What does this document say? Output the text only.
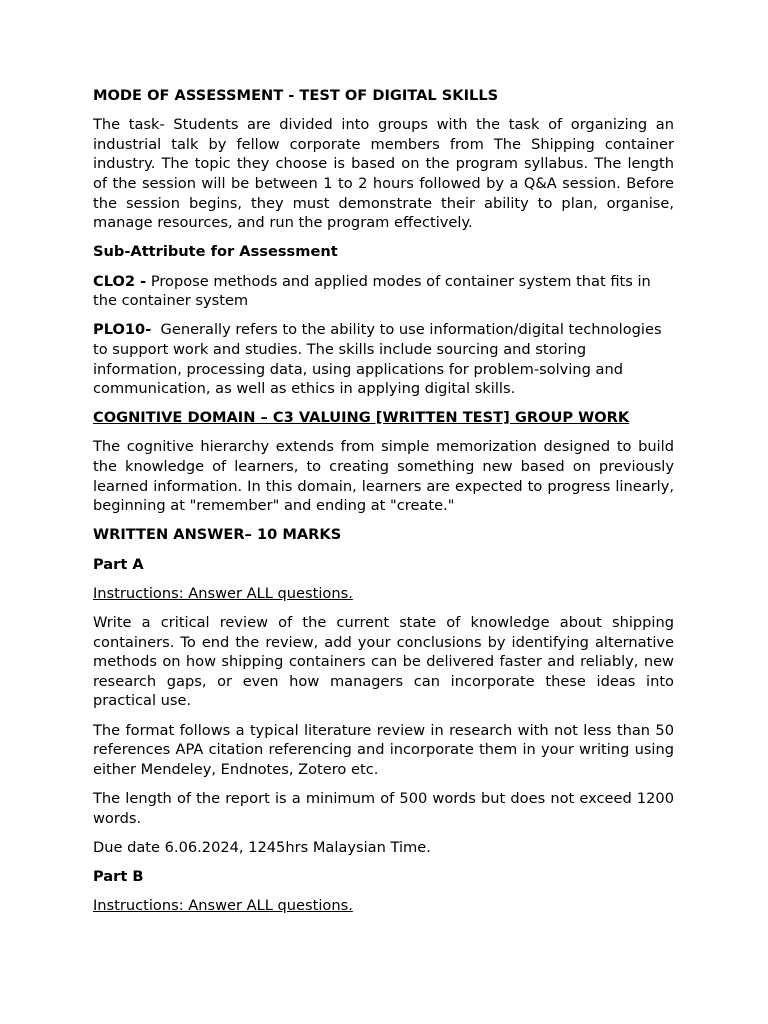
MODE OF ASSESSMENT - TEST OF DIGITAL SKILLS

The task- Students are divided into groups with the task of organizing an industrial talk by fellow corporate members from The Shipping container industry. The topic they choose is based on the program syllabus. The length of the session will be between 1 to 2 hours followed by a Q&A session. Before the session begins, they must demonstrate their ability to plan, organise, manage resources, and run the program effectively.

Sub-Attribute for Assessment

CLO2 - Propose methods and applied modes of container system that fits in the container system

PLO10-  Generally refers to the ability to use information/digital technologies to support work and studies. The skills include sourcing and storing information, processing data, using applications for problem-solving and communication, as well as ethics in applying digital skills.

COGNITIVE DOMAIN – C3 VALUING [WRITTEN TEST] GROUP WORK

The cognitive hierarchy extends from simple memorization designed to build the knowledge of learners, to creating something new based on previously learned information. In this domain, learners are expected to progress linearly, beginning at "remember" and ending at "create."

WRITTEN ANSWER– 10 MARKS

Part A

Instructions: Answer ALL questions.

Write a critical review of the current state of knowledge about shipping containers. To end the review, add your conclusions by identifying alternative methods on how shipping containers can be delivered faster and reliably, new research gaps, or even how managers can incorporate these ideas into practical use.

The format follows a typical literature review in research with not less than 50 references APA citation referencing and incorporate them in your writing using either Mendeley, Endnotes, Zotero etc.

The length of the report is a minimum of 500 words but does not exceed 1200 words.

Due date 6.06.2024, 1245hrs Malaysian Time.

Part B

Instructions: Answer ALL questions.
